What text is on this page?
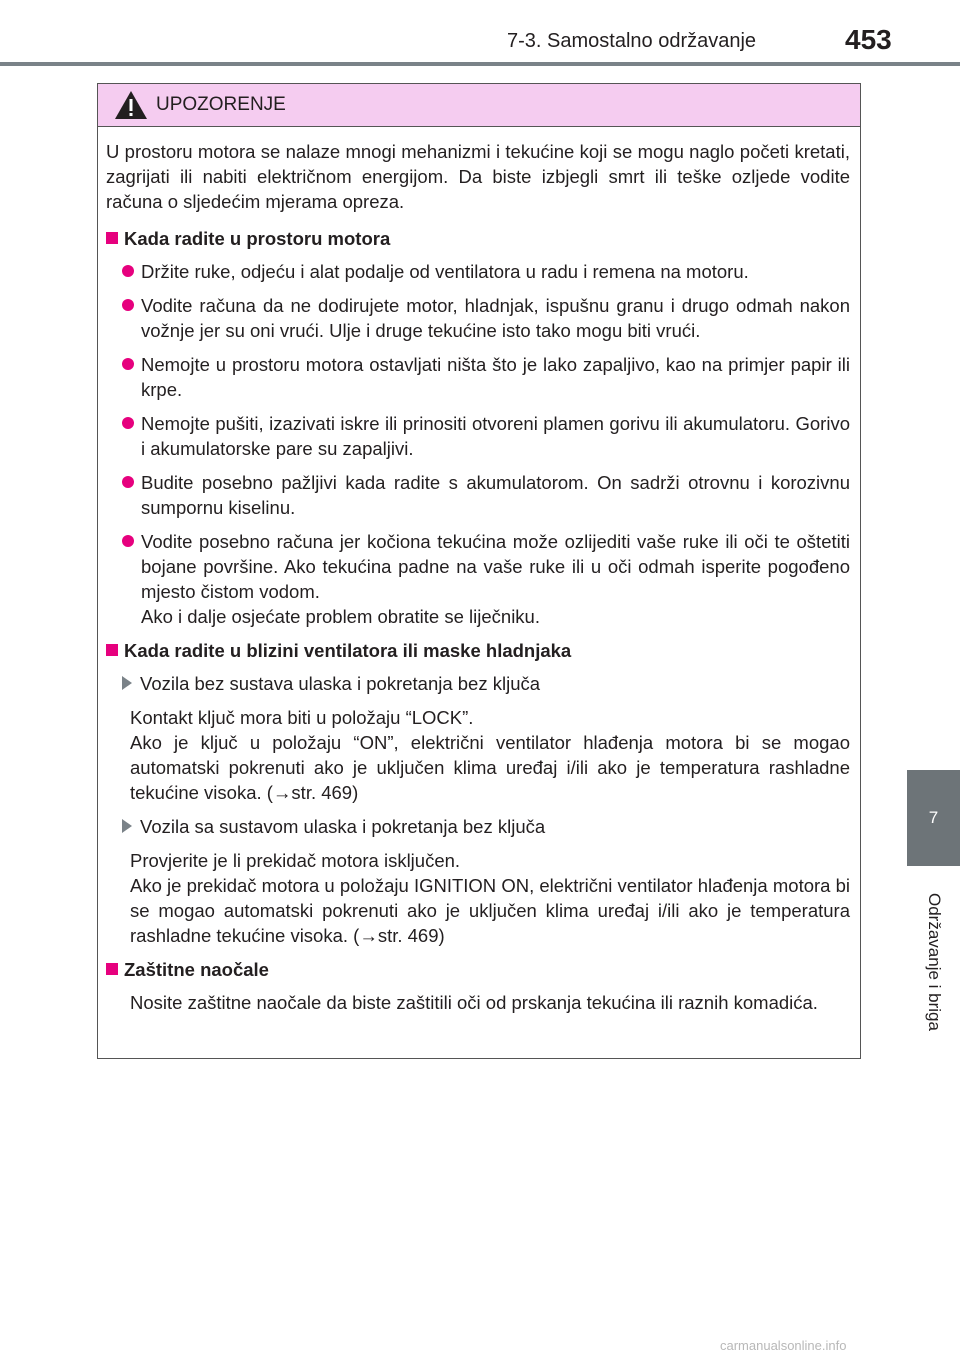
7-3. Samostalno održavanje	453
7
Održavanje i briga
UPOZORENJE

U prostoru motora se nalaze mnogi mehanizmi i tekućine koji se mogu naglo početi kretati, zagrijati ili nabiti električnom energijom. Da biste izbjegli smrt ili teške ozljede vodite računa o sljedećim mjerama opreza.

Kada radite u prostoru motora
Držite ruke, odjeću i alat podalje od ventilatora u radu i remena na motoru.
Vodite računa da ne dodirujete motor, hladnjak, ispušnu granu i drugo odmah nakon vožnje jer su oni vrući. Ulje i druge tekućine isto tako mogu biti vrući.
Nemojte u prostoru motora ostavljati ništa što je lako zapaljivo, kao na primjer papir ili krpe.
Nemojte pušiti, izazivati iskre ili prinositi otvoreni plamen gorivu ili akumulatoru. Gorivo i akumulatorske pare su zapaljivi.
Budite posebno pažljivi kada radite s akumulatorom. On sadrži otrovnu i korozivnu sumpornu kiselinu.
Vodite posebno računa jer kočiona tekućina može ozlijediti vaše ruke ili oči te oštetiti bojane površine. Ako tekućina padne na vaše ruke ili u oči odmah isperite pogođeno mjesto čistom vodom.
Ako i dalje osjećate problem obratite se liječniku.
Kada radite u blizini ventilatora ili maske hladnjaka
Vozila bez sustava ulaska i pokretanja bez ključa
Kontakt ključ mora biti u položaju “LOCK”.
Ako je ključ u položaju “ON”, električni ventilator hlađenja motora bi se mogao automatski pokrenuti ako je uključen klima uređaj i/ili ako je temperatura rashladne tekućine visoka. (→str. 469)
Vozila sa sustavom ulaska i pokretanja bez ključa
Provjerite je li prekidač motora isključen.
Ako je prekidač motora u položaju IGNITION ON, električni ventilator hlađenja motora bi se mogao automatski pokrenuti ako je uključen klima uređaj i/ili ako je temperatura rashladne tekućine visoka. (→str. 469)
Zaštitne naočale
Nosite zaštitne naočale da biste zaštitili oči od prskanja tekućina ili raznih komadića.
carmanualsonline.info
